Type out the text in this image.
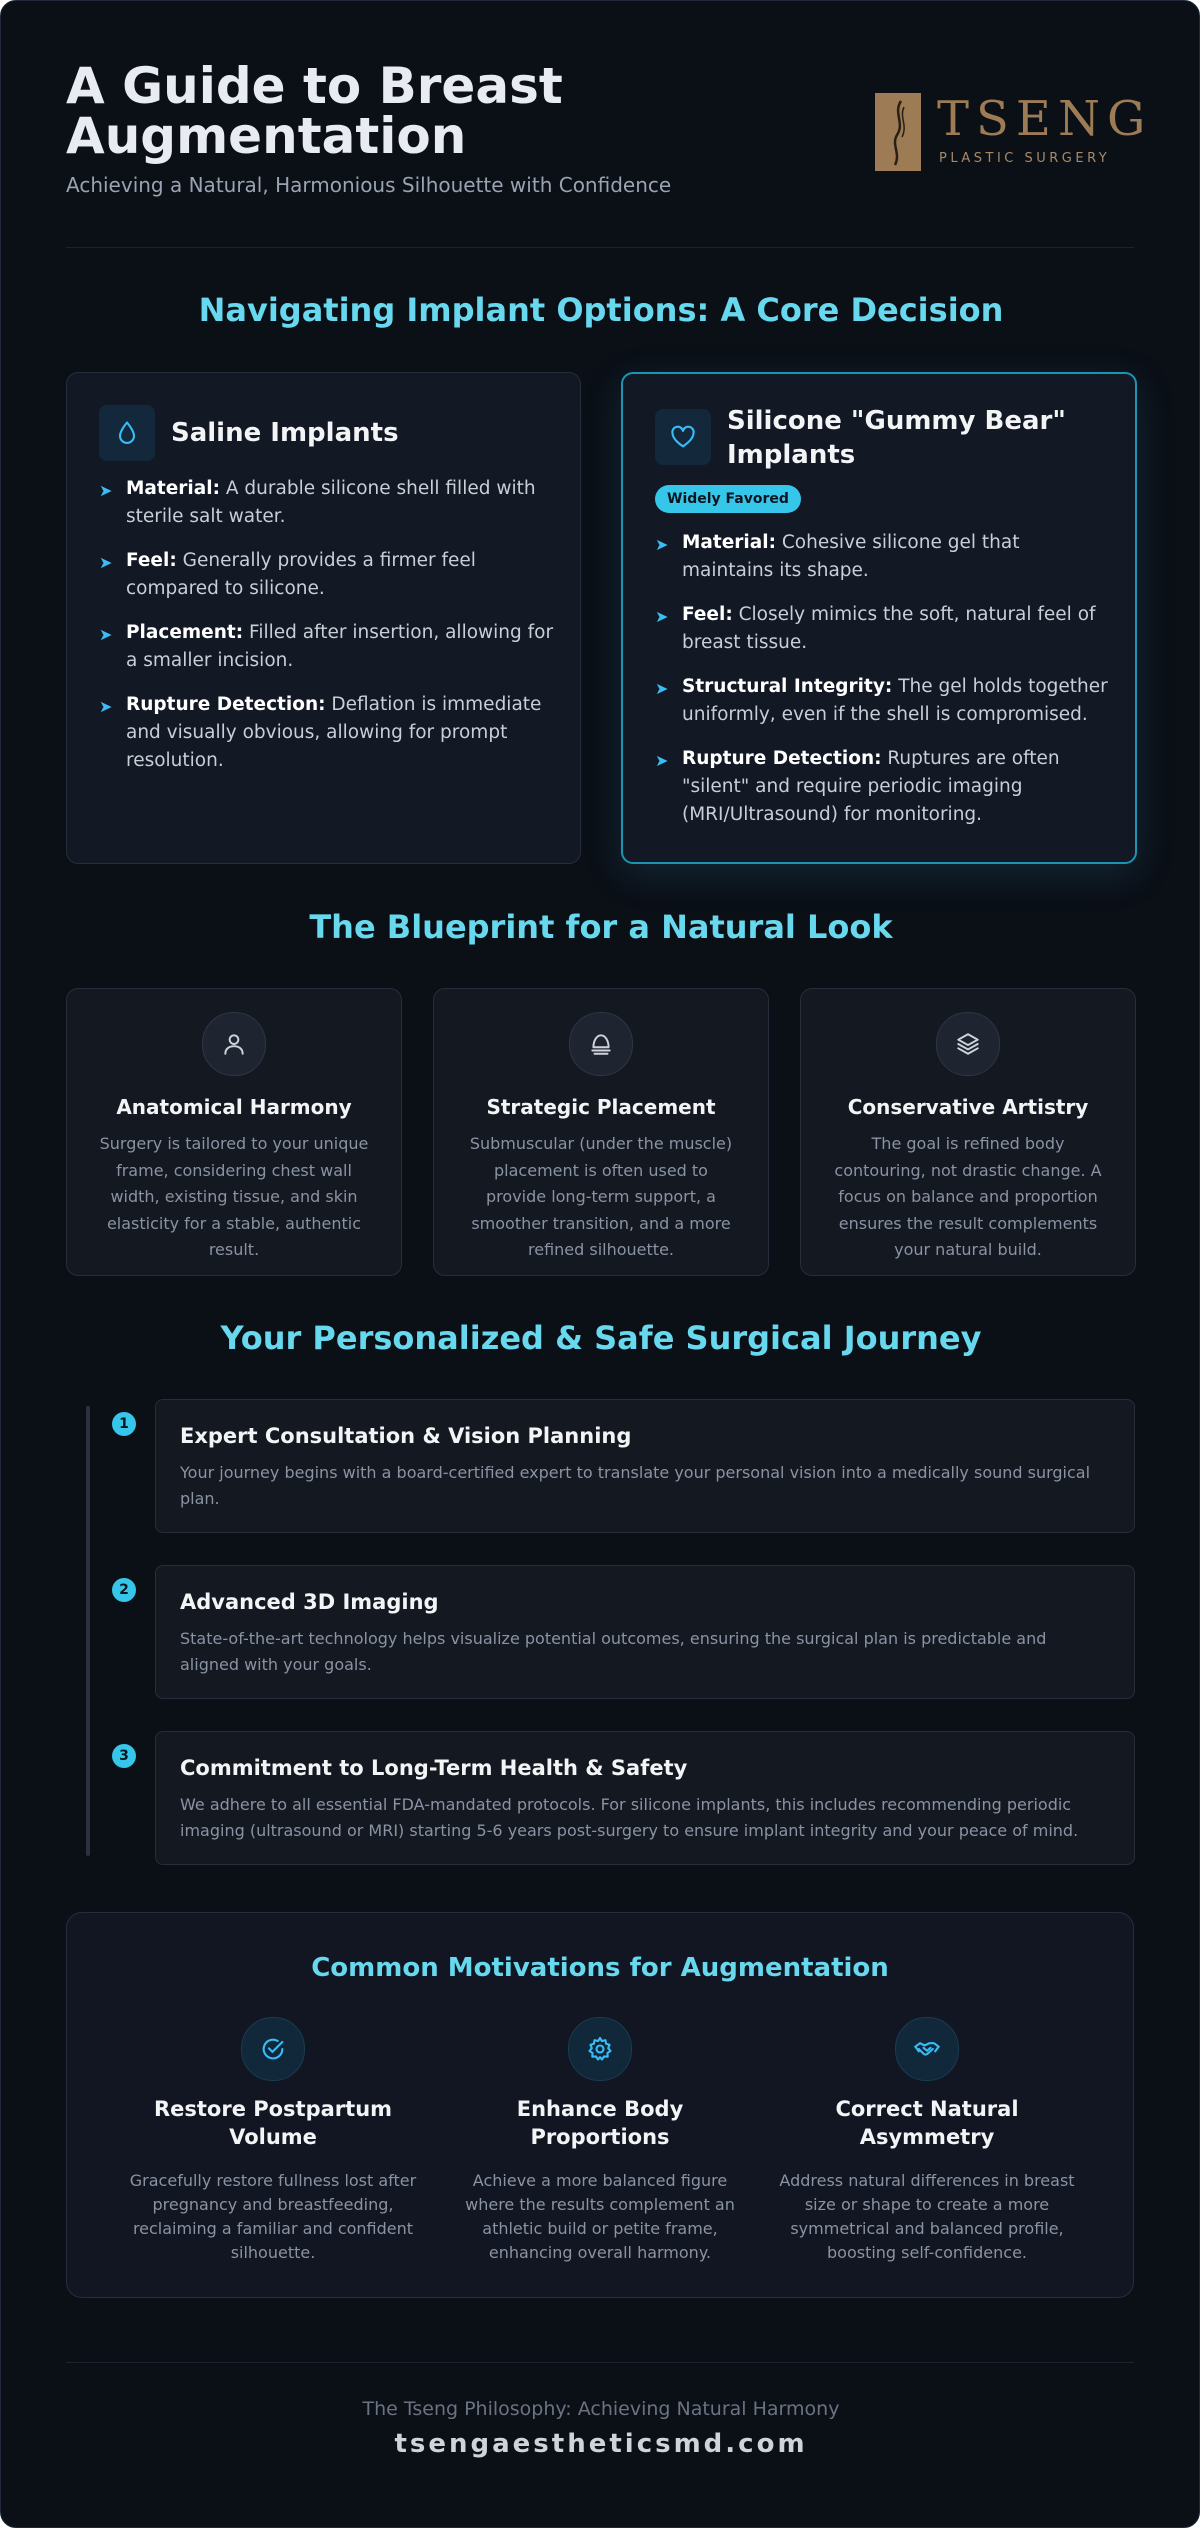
A Guide to Breast Augmentation
Achieving a Natural, Harmonious Silhouette with Confidence
TSENG
PLASTIC SURGERY
Navigating Implant Options: A Core Decision
Saline Implants
➤ Material: A durable silicone shell filled with sterile salt water.
➤ Feel: Generally provides a firmer feel compared to silicone.
➤ Placement: Filled after insertion, allowing for a smaller incision.
➤ Rupture Detection: Deflation is immediate and visually obvious, allowing for prompt resolution.
Silicone "Gummy Bear" Implants
Widely Favored
➤ Material: Cohesive silicone gel that maintains its shape.
➤ Feel: Closely mimics the soft, natural feel of breast tissue.
➤ Structural Integrity: The gel holds together uniformly, even if the shell is compromised.
➤ Rupture Detection: Ruptures are often "silent" and require periodic imaging (MRI/Ultrasound) for monitoring.
The Blueprint for a Natural Look
Anatomical Harmony
Surgery is tailored to your unique frame, considering chest wall width, existing tissue, and skin elasticity for a stable, authentic result.
Strategic Placement
Submuscular (under the muscle) placement is often used to provide long-term support, a smoother transition, and a more refined silhouette.
Conservative Artistry
The goal is refined body contouring, not drastic change. A focus on balance and proportion ensures the result complements your natural build.
Your Personalized & Safe Surgical Journey
1	Expert Consultation & Vision Planning
Your journey begins with a board-certified expert to translate your personal vision into a medically sound surgical plan.
2	Advanced 3D Imaging
State-of-the-art technology helps visualize potential outcomes, ensuring the surgical plan is predictable and aligned with your goals.
3	Commitment to Long-Term Health & Safety
We adhere to all essential FDA-mandated protocols. For silicone implants, this includes recommending periodic imaging (ultrasound or MRI) starting 5-6 years post-surgery to ensure implant integrity and your peace of mind.
Common Motivations for Augmentation
Restore Postpartum Volume
Gracefully restore fullness lost after pregnancy and breastfeeding, reclaiming a familiar and confident silhouette.
Enhance Body Proportions
Achieve a more balanced figure where the results complement an athletic build or petite frame, enhancing overall harmony.
Correct Natural Asymmetry
Address natural differences in breast size or shape to create a more symmetrical and balanced profile, boosting self-confidence.
The Tseng Philosophy: Achieving Natural Harmony
tsengaestheticsmd.com
